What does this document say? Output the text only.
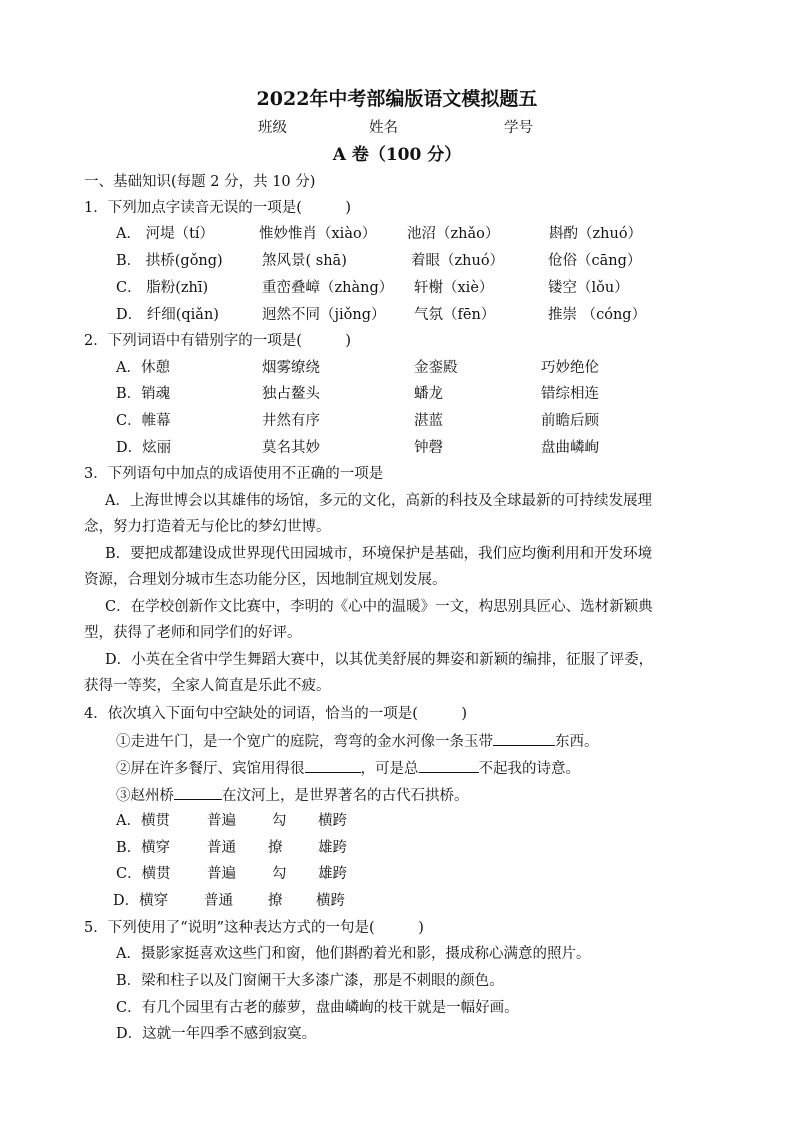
2022年中考部编版语文模拟题五
班级	姓名	学号
A 卷（100 分）
一、基础知识(每题 2 分，共 10 分)
1．下列加点字读音无误的一项是(　　　)
A． 河堤（tí）	惟妙惟肖（xiào） 池沼（zhǎo）	斟酌（zhuó）
B． 拱桥(gǒng)	煞风景( shā)	着眼（zhuó）	伧俗（cāng）
C． 脂粉(zhī)	重峦叠嶂（zhàng） 轩榭（xiè）	镂空（lǒu）
D． 纤细(qiǎn)	迥然不同（jiǒng） 气氛（fēn）	推崇 （cóng）
2．下列词语中有错别字的一项是(　　　)
A．休憩	烟雾缭绕	金銮殿	巧妙绝伦
B．销魂	独占鳌头	蟠龙	错综相连
C．帷幕	井然有序	湛蓝	前瞻后顾
D．炫丽	莫名其妙	钟磬	盘曲嶙峋
3．下列语句中加点的成语使用不正确的一项是
A．上海世博会以其雄伟的场馆，多元的文化，高新的科技及全球最新的可持续发展理
念，努力打造着无与伦比的梦幻世博。
B．要把成都建设成世界现代田园城市，环境保护是基础，我们应均衡利用和开发环境
资源，合理划分城市生态功能分区，因地制宜规划发展。
C．在学校创新作文比赛中，李明的《心中的温暖》一文，构思别具匠心、选材新颖典
型，获得了老师和同学们的好评。
D．小英在全省中学生舞蹈大赛中，以其优美舒展的舞姿和新颖的编排，征服了评委，
获得一等奖，全家人简直是乐此不疲。
4．依次填入下面句中空缺处的词语，恰当的一项是(　　　)
①走进午门，是一个宽广的庭院，弯弯的金水河像一条玉带	东西。
②屏在许多餐厅、宾馆用得很	，可是总	不起我的诗意。
③赵州桥	在汶河上，是世界著名的古代石拱桥。
A．横贯	普遍 勾 横跨
B．横穿	普通 撩 雄跨
C．横贯	普遍 勾 雄跨
D．横穿 普通 撩 横跨
5．下列使用了“说明”这种表达方式的一句是(　　　)
A．摄影家挺喜欢这些门和窗，他们斟酌着光和影，摄成称心满意的照片。
B．梁和柱子以及门窗阑干大多漆广漆，那是不刺眼的颜色。
C．有几个园里有古老的藤萝，盘曲嶙峋的枝干就是一幅好画。
D．这就一年四季不感到寂寞。
